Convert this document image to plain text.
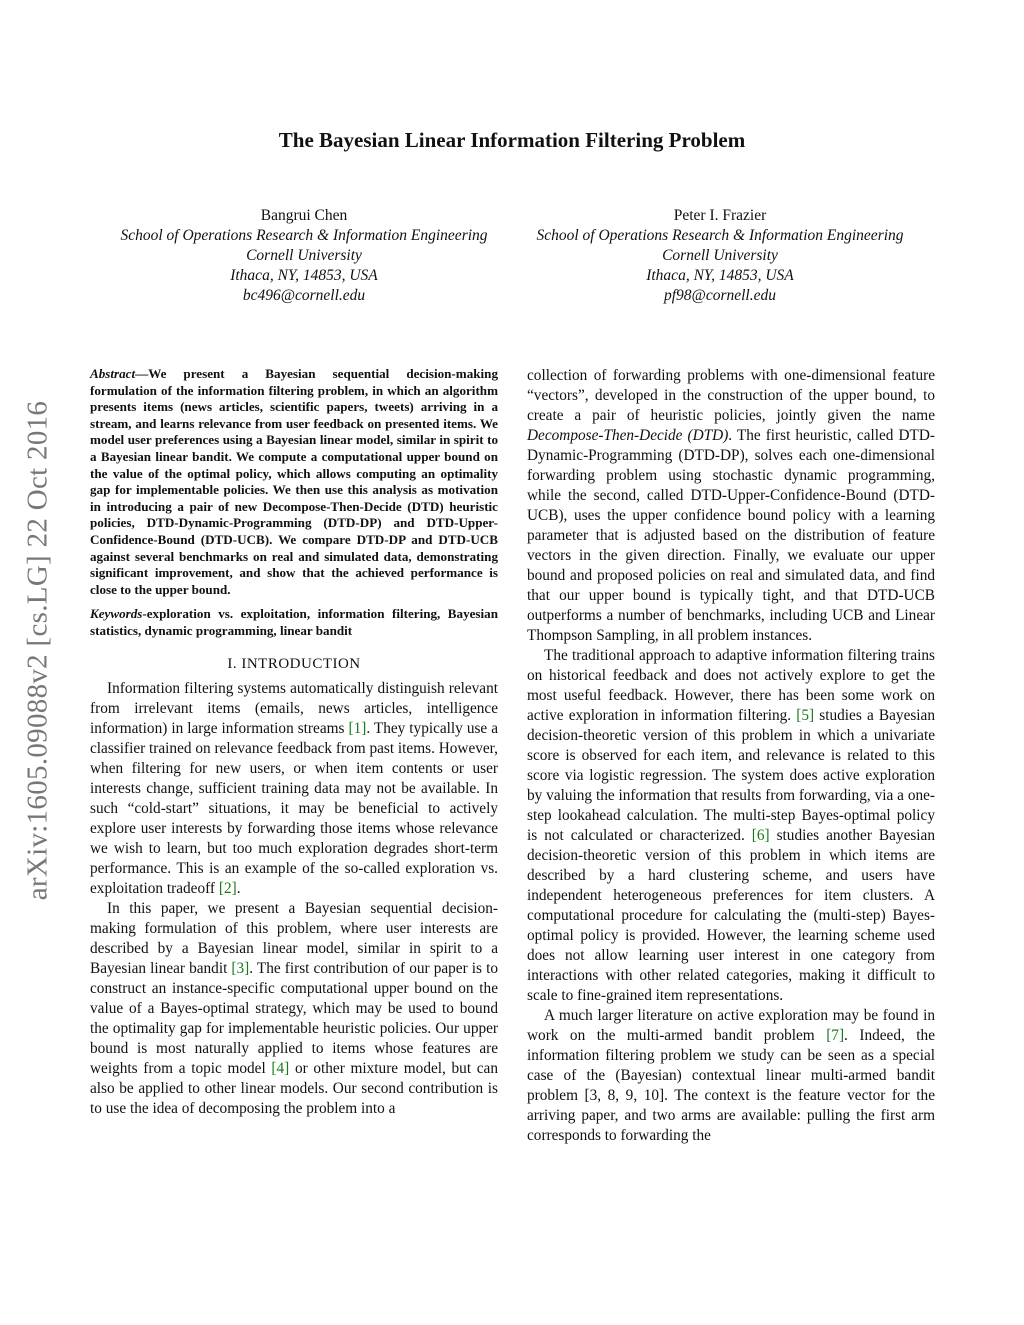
arXiv:1605.09088v2 [cs.LG] 22 Oct 2016
The Bayesian Linear Information Filtering Problem
Bangrui Chen
School of Operations Research & Information Engineering
Cornell University
Ithaca, NY, 14853, USA
bc496@cornell.edu
Peter I. Frazier
School of Operations Research & Information Engineering
Cornell University
Ithaca, NY, 14853, USA
pf98@cornell.edu

Abstract—We present a Bayesian sequential decision-making formulation of the information filtering problem, in which an algorithm presents items (news articles, scientific papers, tweets) arriving in a stream, and learns relevance from user feedback on presented items. We model user preferences using a Bayesian linear model, similar in spirit to a Bayesian linear bandit. We compute a computational upper bound on the value of the optimal policy, which allows computing an optimality gap for implementable policies. We then use this analysis as motivation in introducing a pair of new Decompose-Then-Decide (DTD) heuristic policies, DTD-Dynamic-Programming (DTD-DP) and DTD-Upper-Confidence-Bound (DTD-UCB). We compare DTD-DP and DTD-UCB against several benchmarks on real and simulated data, demonstrating significant improvement, and show that the achieved performance is close to the upper bound.

Keywords-exploration vs. exploitation, information filtering, Bayesian statistics, dynamic programming, linear bandit

I. INTRODUCTION

Information filtering systems automatically distinguish relevant from irrelevant items (emails, news articles, intelligence information) in large information streams [1]. They typically use a classifier trained on relevance feedback from past items. However, when filtering for new users, or when item contents or user interests change, sufficient training data may not be available. In such “cold-start” situations, it may be beneficial to actively explore user interests by forwarding those items whose relevance we wish to learn, but too much exploration degrades short-term performance. This is an example of the so-called exploration vs. exploitation tradeoff [2].

In this paper, we present a Bayesian sequential decision-making formulation of this problem, where user interests are described by a Bayesian linear model, similar in spirit to a Bayesian linear bandit [3]. The first contribution of our paper is to construct an instance-specific computational upper bound on the value of a Bayes-optimal strategy, which may be used to bound the optimality gap for implementable heuristic policies. Our upper bound is most naturally applied to items whose features are weights from a topic model [4] or other mixture model, but can also be applied to other linear models. Our second contribution is to use the idea of decomposing the problem into a

collection of forwarding problems with one-dimensional feature “vectors”, developed in the construction of the upper bound, to create a pair of heuristic policies, jointly given the name Decompose-Then-Decide (DTD). The first heuristic, called DTD-Dynamic-Programming (DTD-DP), solves each one-dimensional forwarding problem using stochastic dynamic programming, while the second, called DTD-Upper-Confidence-Bound (DTD-UCB), uses the upper confidence bound policy with a learning parameter that is adjusted based on the distribution of feature vectors in the given direction. Finally, we evaluate our upper bound and proposed policies on real and simulated data, and find that our upper bound is typically tight, and that DTD-UCB outperforms a number of benchmarks, including UCB and Linear Thompson Sampling, in all problem instances.

The traditional approach to adaptive information filtering trains on historical feedback and does not actively explore to get the most useful feedback. However, there has been some work on active exploration in information filtering. [5] studies a Bayesian decision-theoretic version of this problem in which a univariate score is observed for each item, and relevance is related to this score via logistic regression. The system does active exploration by valuing the information that results from forwarding, via a one-step lookahead calculation. The multi-step Bayes-optimal policy is not calculated or characterized. [6] studies another Bayesian decision-theoretic version of this problem in which items are described by a hard clustering scheme, and users have independent heterogeneous preferences for item clusters. A computational procedure for calculating the (multi-step) Bayes-optimal policy is provided. However, the learning scheme used does not allow learning user interest in one category from interactions with other related categories, making it difficult to scale to fine-grained item representations.

A much larger literature on active exploration may be found in work on the multi-armed bandit problem [7]. Indeed, the information filtering problem we study can be seen as a special case of the (Bayesian) contextual linear multi-armed bandit problem [3, 8, 9, 10]. The context is the feature vector for the arriving paper, and two arms are available: pulling the first arm corresponds to forwarding the
